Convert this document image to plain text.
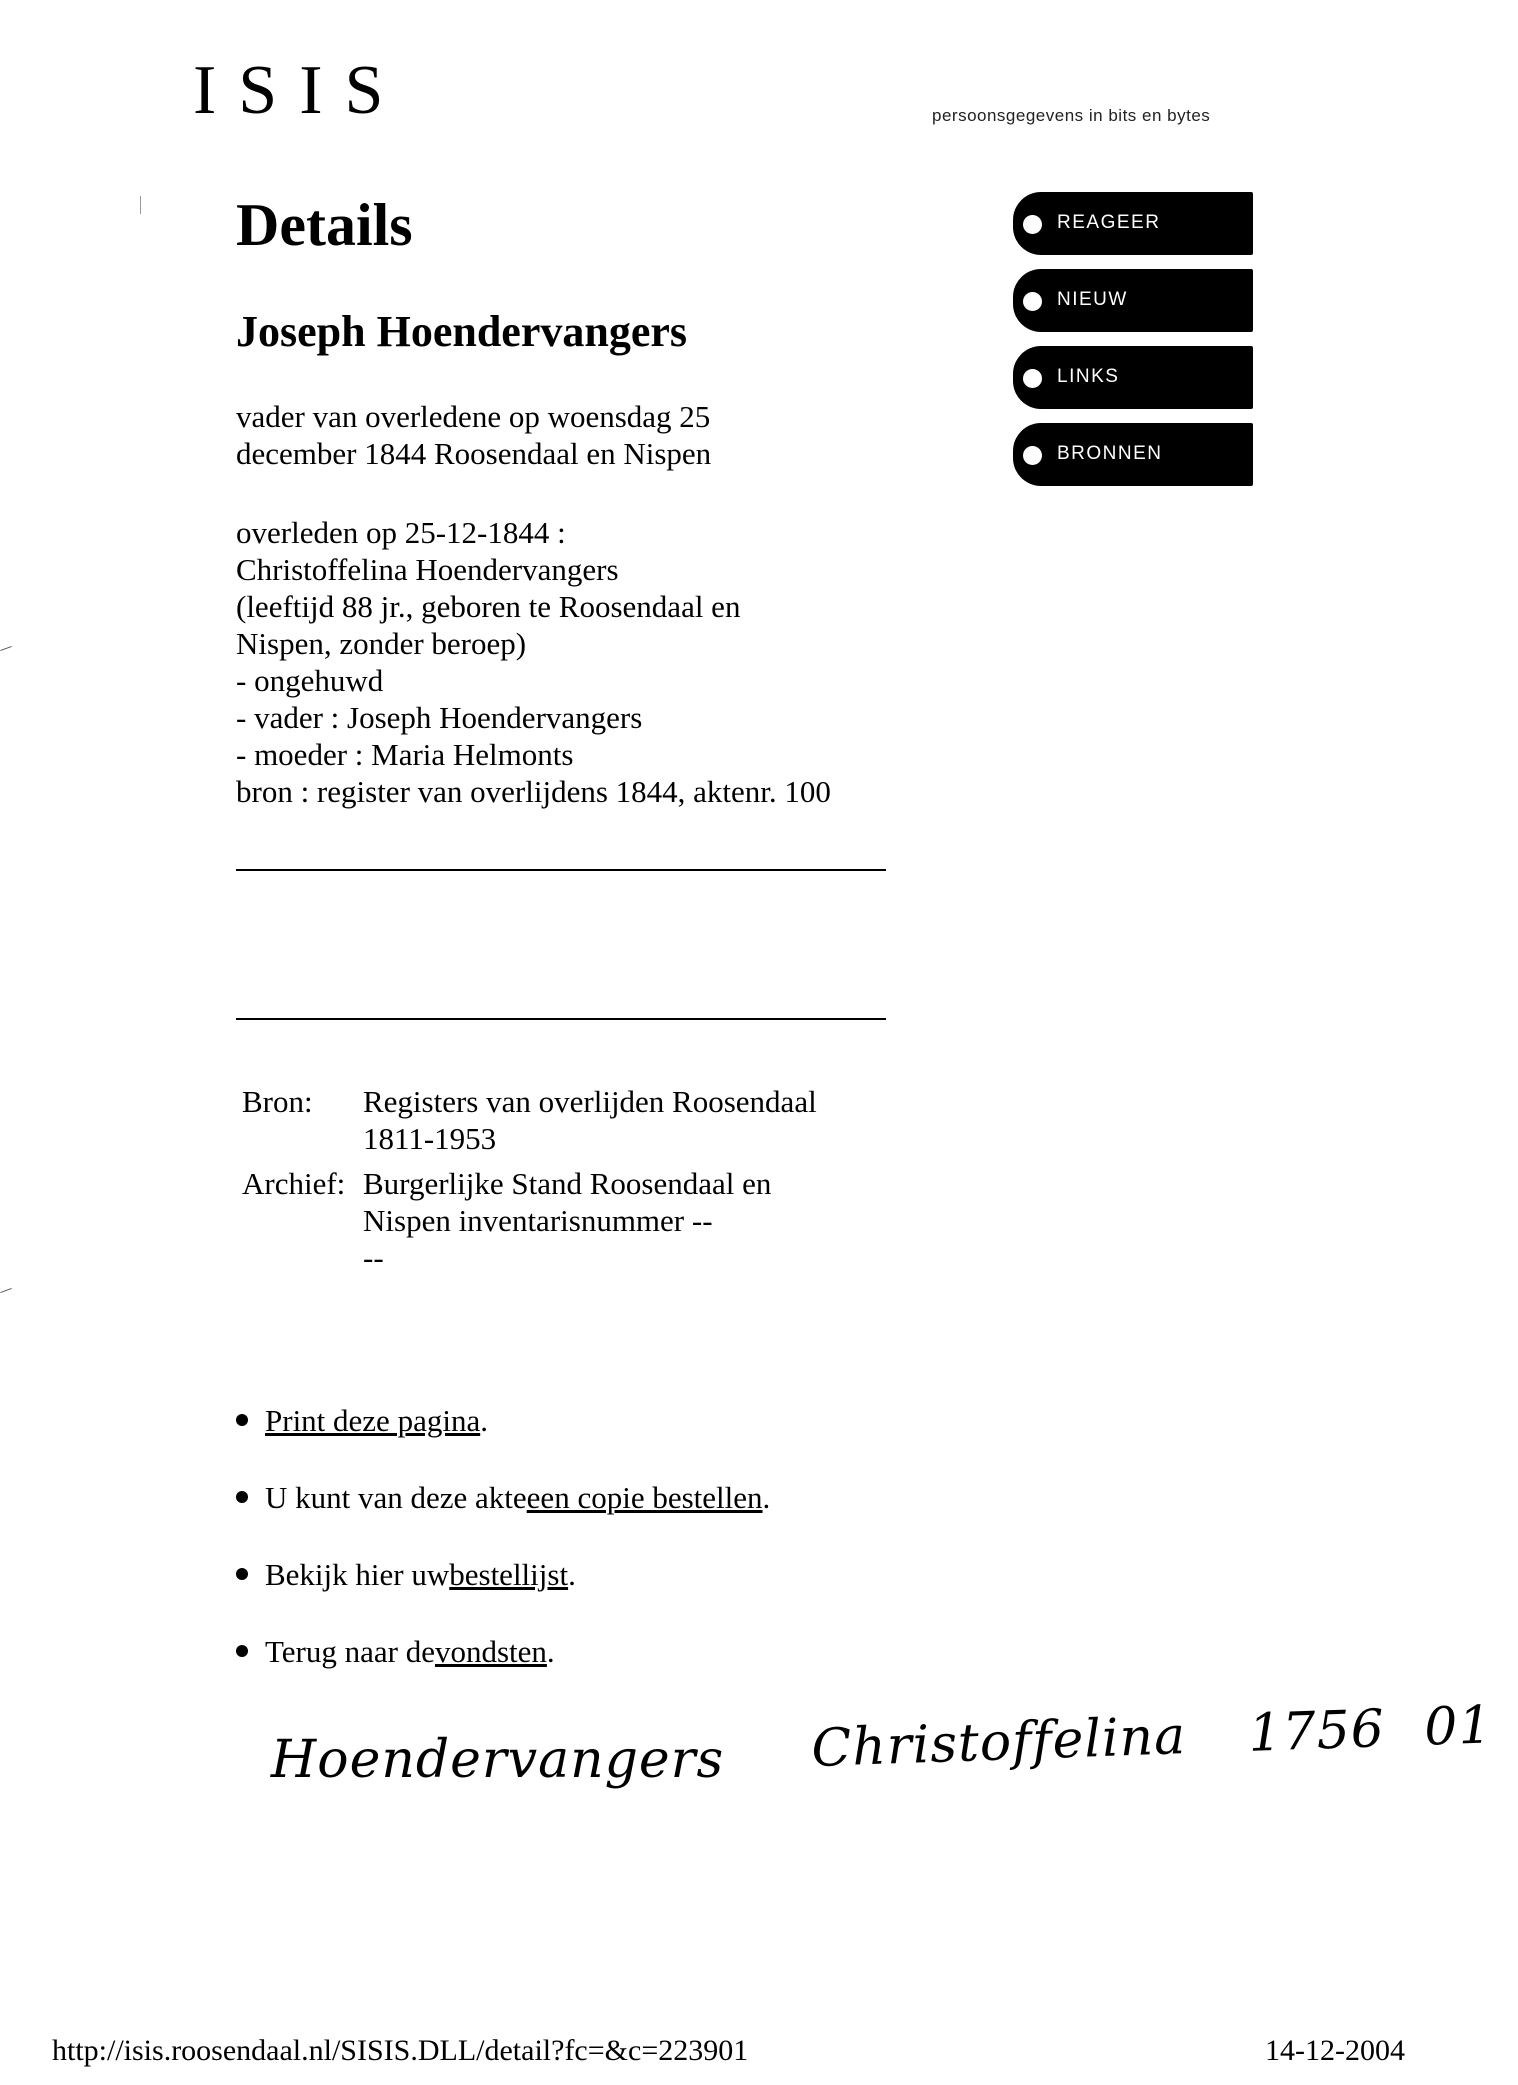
ISIS	persoonsgegevens in bits en bytes
REAGEER
NIEUW
LINKS
BRONNEN
Details
Joseph Hoendervangers
vader van overledene op woensdag 25
december 1844 Roosendaal en Nispen
overleden op 25-12-1844 :
Christoffelina Hoendervangers
(leeftijd 88 jr., geboren te Roosendaal en
Nispen, zonder beroep)
- ongehuwd
- vader : Joseph Hoendervangers
- moeder : Maria Helmonts
bron : register van overlijdens 1844, aktenr. 100
Bron:	Registers van overlijden Roosendaal
1811-1953
Archief: Burgerlijke Stand Roosendaal en
Nispen inventarisnummer --
--
Print deze pagina .
U kunt van deze akte een copie bestellen .
Bekijk hier uw bestellijst .
Terug naar de vondsten .
Hoendervangers Christoffelina 1756 01
http://isis.roosendaal.nl/SISIS.DLL/detail?fc=&c=223901	14-12-2004
